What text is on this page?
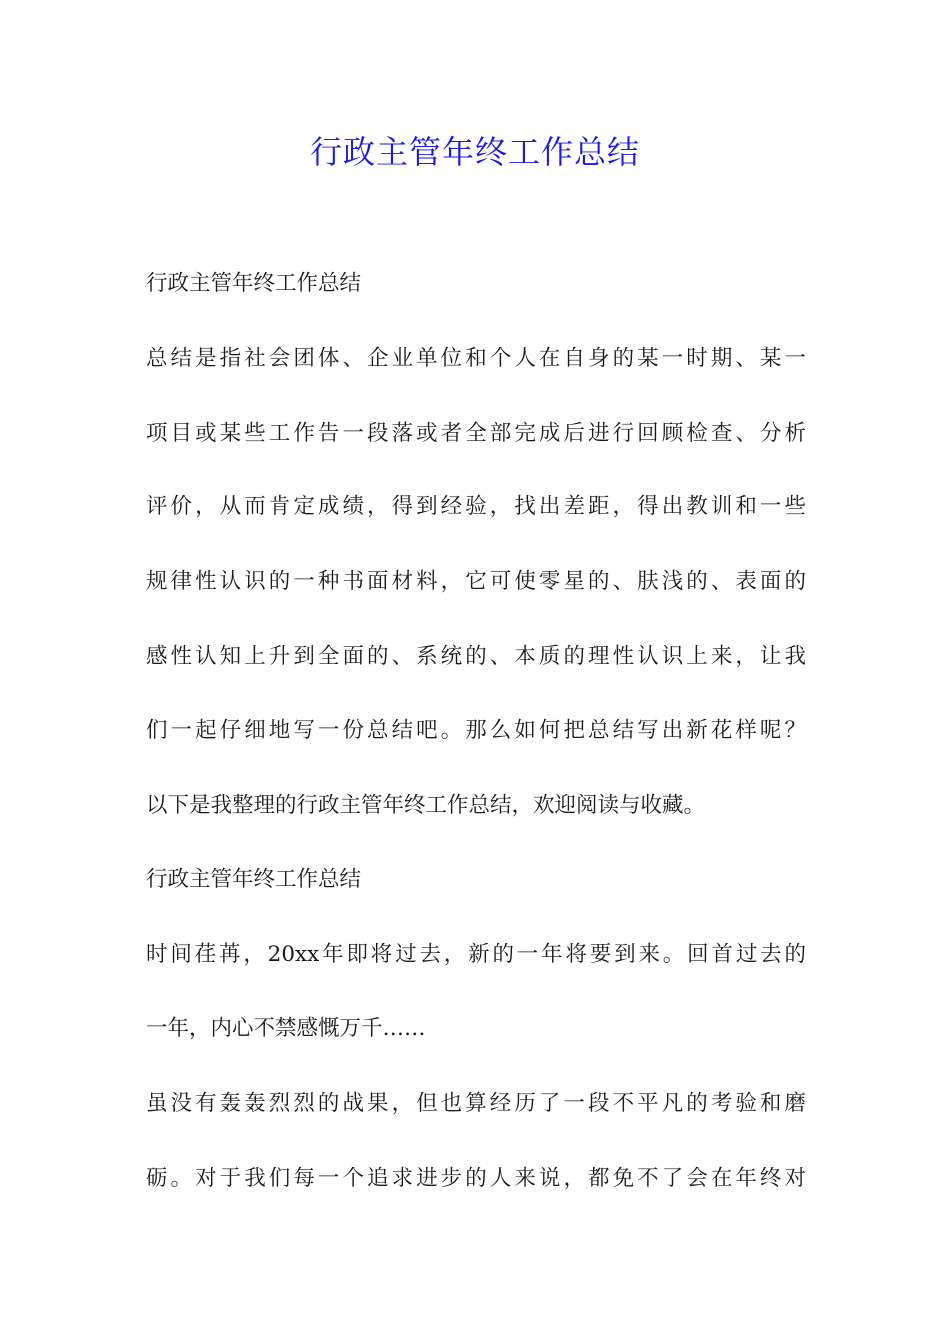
行政主管年终工作总结
行政主管年终工作总结
总结是指社会团体、企业单位和个人在自身的某一时期、某一
项目或某些工作告一段落或者全部完成后进行回顾检查、分析
评价，从而肯定成绩，得到经验，找出差距，得出教训和一些
规律性认识的一种书面材料，它可使零星的、肤浅的、表面的
感性认知上升到全面的、系统的、本质的理性认识上来，让我
们一起仔细地写一份总结吧。那么如何把总结写出新花样呢？
以下是我整理的行政主管年终工作总结，欢迎阅读与收藏。
行政主管年终工作总结
时间荏苒，20xx年即将过去，新的一年将要到来。回首过去的
一年，内心不禁感慨万千……
虽没有轰轰烈烈的战果，但也算经历了一段不平凡的考验和磨
砺。对于我们每一个追求进步的人来说，都免不了会在年终对
